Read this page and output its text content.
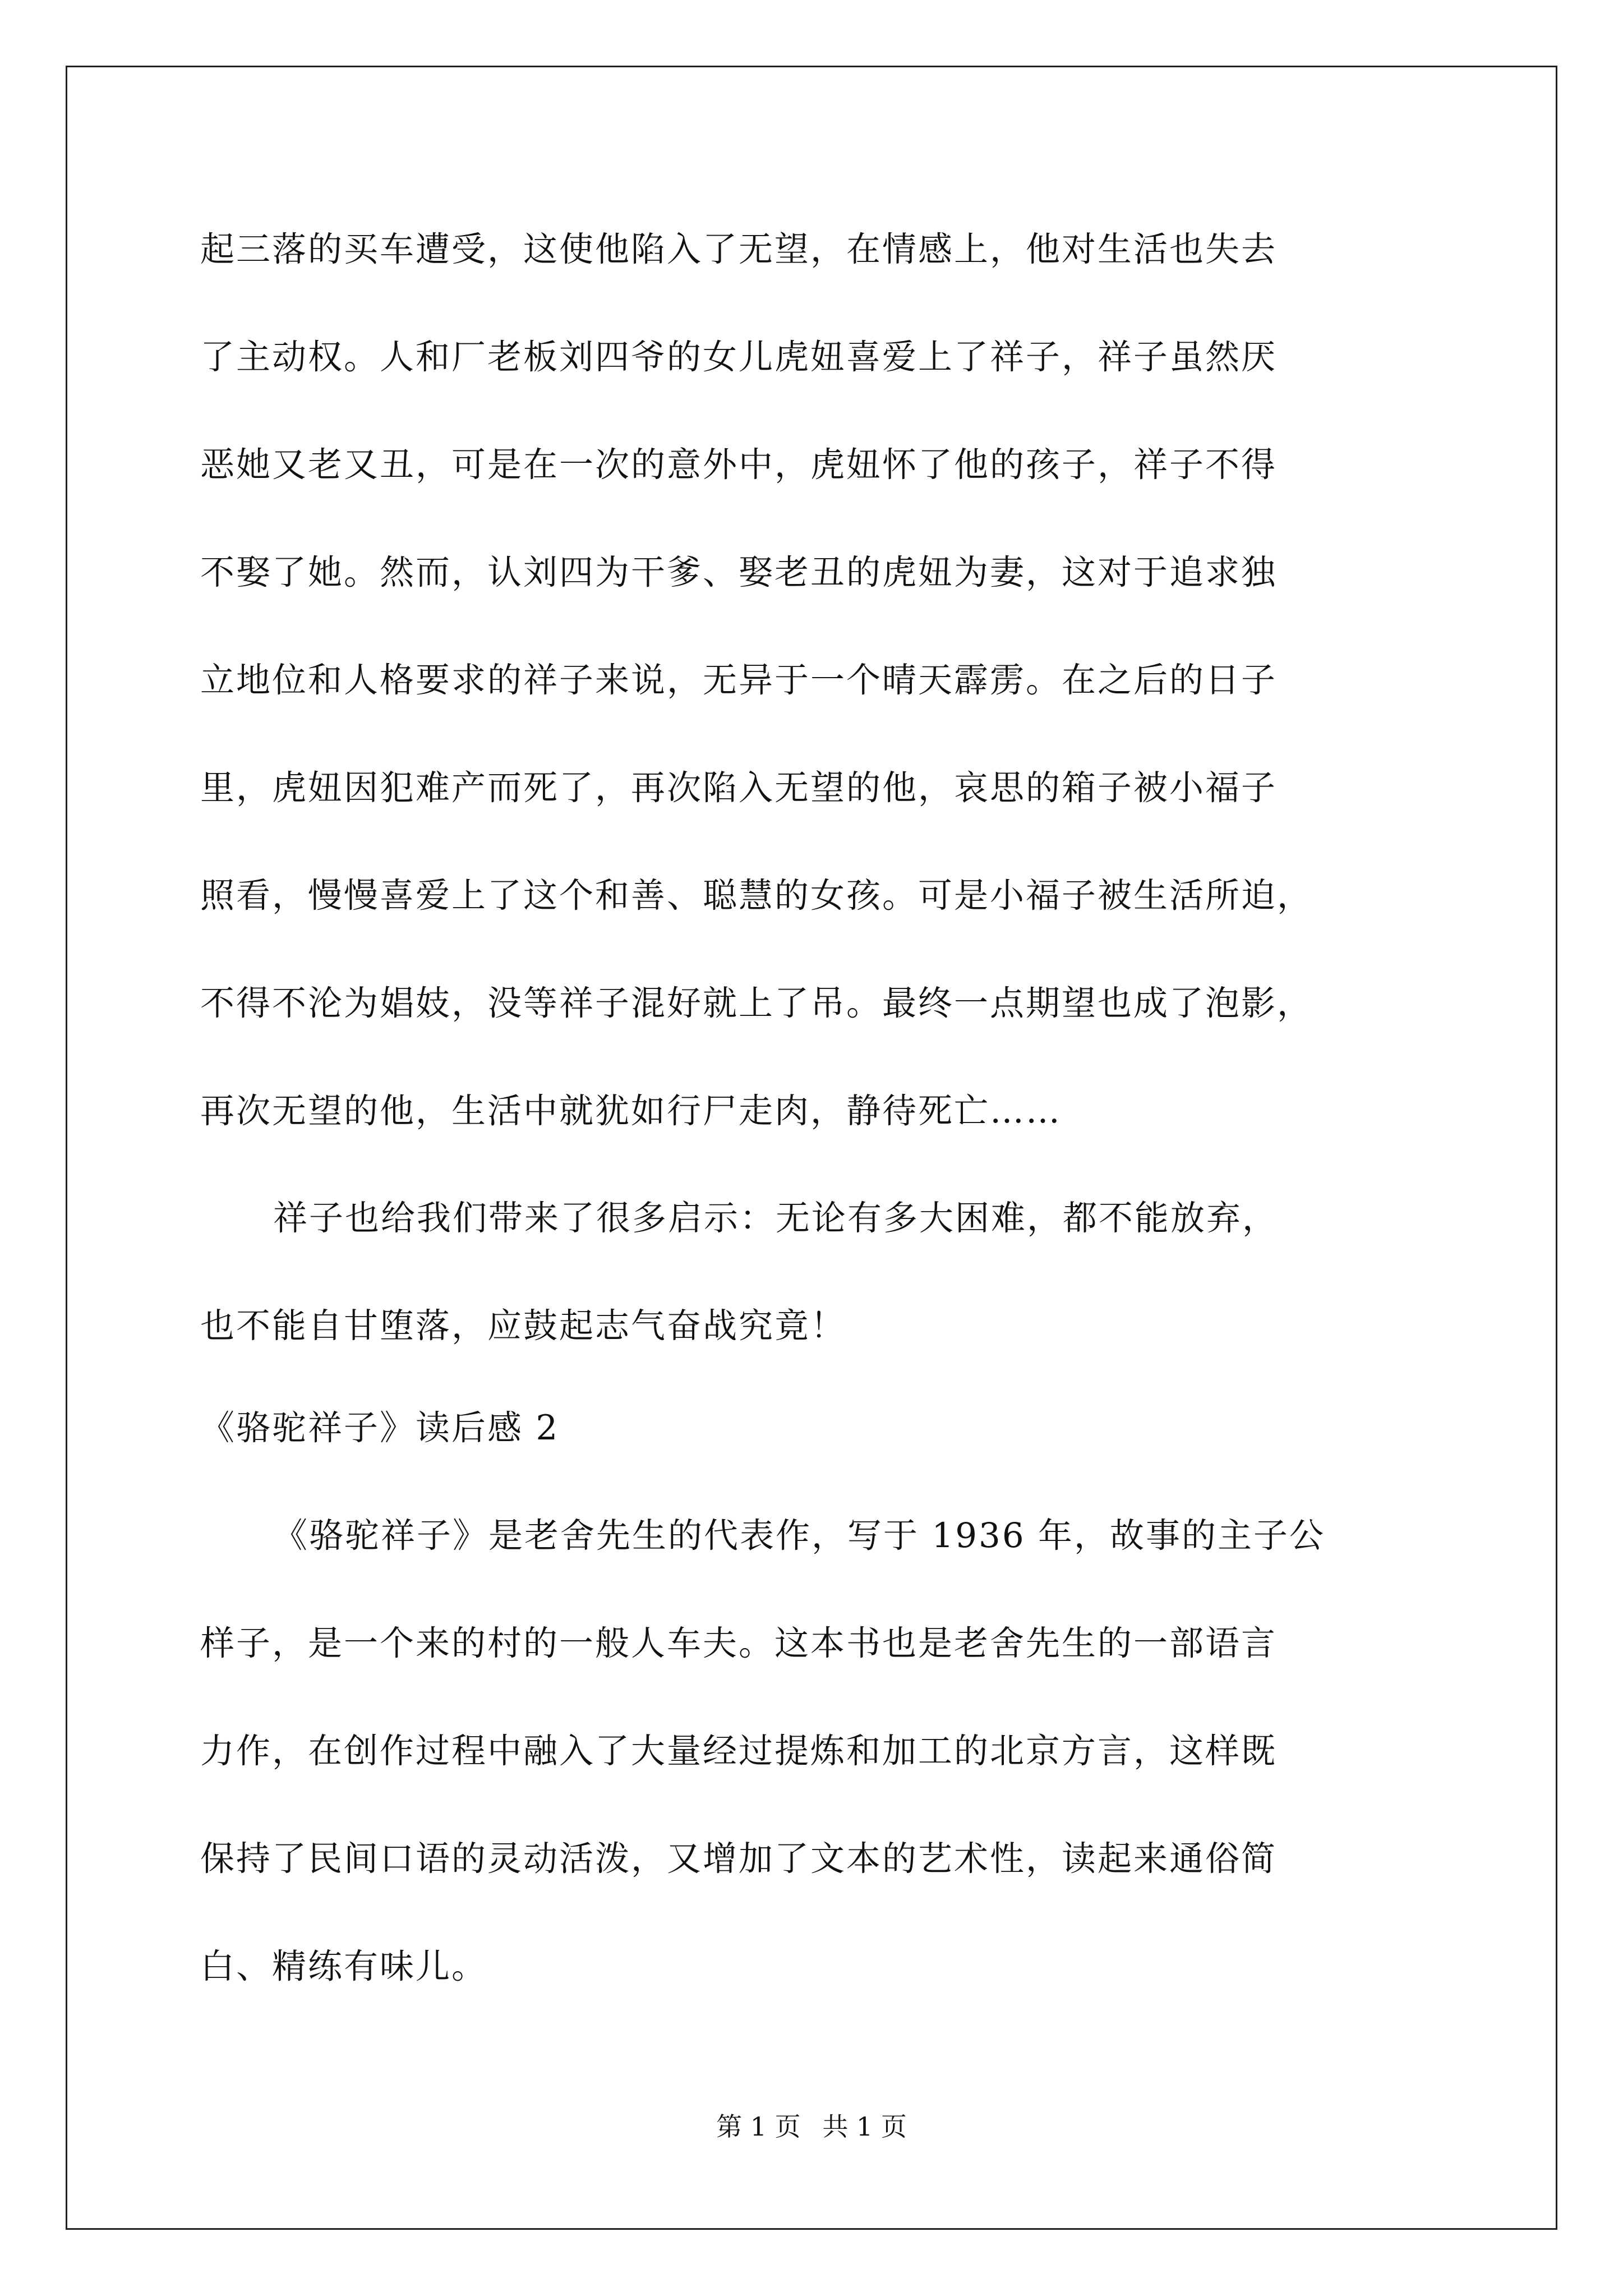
起三落的买车遭受，这使他陷入了无望，在情感上，他对生活也失去
了主动权。人和厂老板刘四爷的女儿虎妞喜爱上了祥子，祥子虽然厌
恶她又老又丑，可是在一次的意外中，虎妞怀了他的孩子，祥子不得
不娶了她。然而，认刘四为干爹、娶老丑的虎妞为妻，这对于追求独
立地位和人格要求的祥子来说，无异于一个晴天霹雳。在之后的日子
里，虎妞因犯难产而死了，再次陷入无望的他，哀思的箱子被小福子
照看，慢慢喜爱上了这个和善、聪慧的女孩。可是小福子被生活所迫，
不得不沦为娼妓，没等祥子混好就上了吊。最终一点期望也成了泡影，
再次无望的他，生活中就犹如行尸走肉，静待死亡……
祥子也给我们带来了很多启示：无论有多大困难，都不能放弃，
也不能自甘堕落，应鼓起志气奋战究竟！
《骆驼祥子》读后感 2
《骆驼祥子》是老舍先生的代表作，写于 1936 年，故事的主子公
样子，是一个来的村的一般人车夫。这本书也是老舍先生的一部语言
力作，在创作过程中融入了大量经过提炼和加工的北京方言，这样既
保持了民间口语的灵动活泼，又增加了文本的艺术性，读起来通俗简
白、精练有味儿。
第 1 页 共 1 页
